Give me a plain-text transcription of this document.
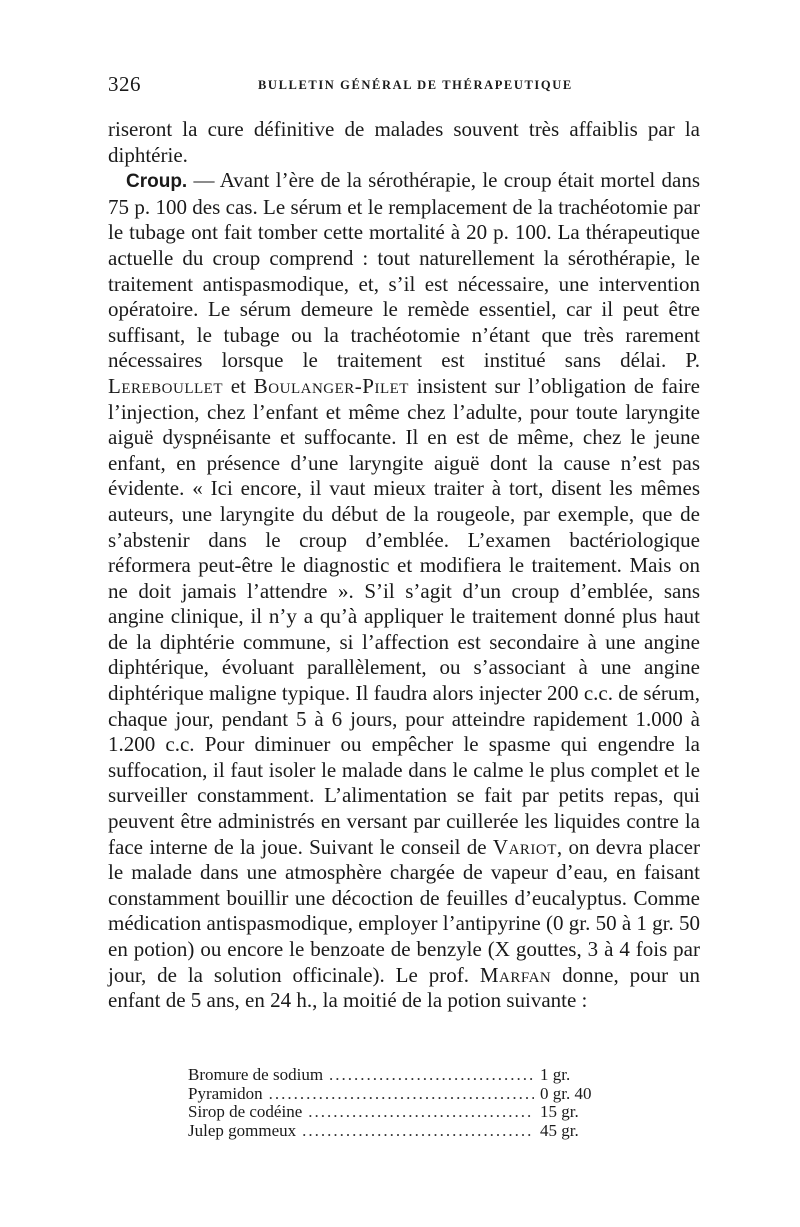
326	BULLETIN GÉNÉRAL DE THÉRAPEUTIQUE

riseront la cure définitive de malades souvent très affaiblis par la diphtérie.

Croup. — Avant l’ère de la sérothérapie, le croup était mortel dans 75 p. 100 des cas. Le sérum et le remplacement de la trachéotomie par le tubage ont fait tomber cette mortalité à 20 p. 100. La thérapeutique actuelle du croup comprend : tout naturellement la sérothérapie, le traitement antispasmodique, et, s’il est nécessaire, une intervention opératoire. Le sérum demeure le remède essentiel, car il peut être suffisant, le tubage ou la trachéotomie n’étant que très rarement nécessaires lorsque le traitement est institué sans délai. P. Lereboullet et Boulanger-Pilet insistent sur l’obligation de faire l’injection, chez l’enfant et même chez l’adulte, pour toute laryngite aiguë dyspnéisante et suffocante. Il en est de même, chez le jeune enfant, en présence d’une laryngite aiguë dont la cause n’est pas évidente. « Ici encore, il vaut mieux traiter à tort, disent les mêmes auteurs, une laryngite du début de la rougeole, par exemple, que de s’abstenir dans le croup d’emblée. L’examen bactériologique réformera peut-être le diagnostic et modifiera le traitement. Mais on ne doit jamais l’attendre ». S’il s’agit d’un croup d’emblée, sans angine clinique, il n’y a qu’à appliquer le traitement donné plus haut de la diphtérie commune, si l’affection est secondaire à une angine diphtérique, évoluant parallèlement, ou s’associant à une angine diphtérique maligne typique. Il faudra alors injecter 200 c.c. de sérum, chaque jour, pendant 5 à 6 jours, pour atteindre rapidement 1.000 à 1.200 c.c. Pour diminuer ou empêcher le spasme qui engendre la suffocation, il faut isoler le malade dans le calme le plus complet et le surveiller constamment. L’alimentation se fait par petits repas, qui peuvent être administrés en versant par cuillerée les liquides contre la face interne de la joue. Suivant le conseil de Variot, on devra placer le malade dans une atmosphère chargée de vapeur d’eau, en faisant constamment bouillir une décoction de feuilles d’eucalyptus. Comme médication antispasmodique, employer l’antipyrine (0 gr. 50 à 1 gr. 50 en potion) ou encore le benzoate de benzyle (X gouttes, 3 à 4 fois par jour, de la solution officinale). Le prof. Marfan donne, pour un enfant de 5 ans, en 24 h., la moitié de la potion suivante :

Bromure de sodium .....	1 gr.
Pyramidon .....	0 gr. 40
Sirop de codéine .....	15 gr.
Julep gommeux .....	45 gr.
